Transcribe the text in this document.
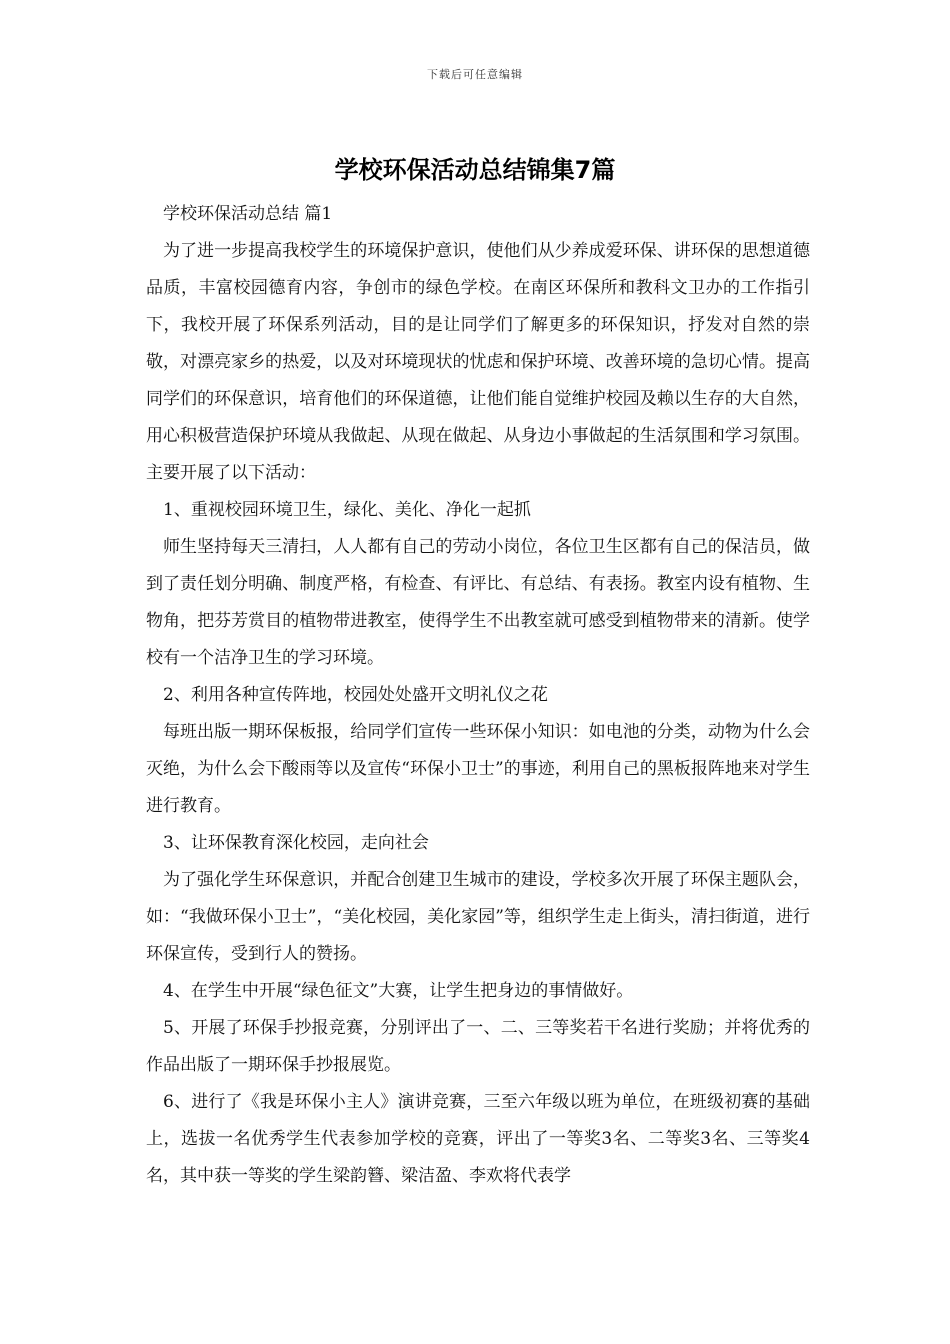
下载后可任意编辑
学校环保活动总结锦集7篇

学校环保活动总结 篇1

为了进一步提高我校学生的环境保护意识，使他们从少养成爱环保、讲环保的思想道德品质，丰富校园德育内容，争创市的绿色学校。在南区环保所和教科文卫办的工作指引下，我校开展了环保系列活动，目的是让同学们了解更多的环保知识，抒发对自然的崇敬，对漂亮家乡的热爱，以及对环境现状的忧虑和保护环境、改善环境的急切心情。提高同学们的环保意识，培育他们的环保道德，让他们能自觉维护校园及赖以生存的大自然，用心积极营造保护环境从我做起、从现在做起、从身边小事做起的生活氛围和学习氛围。主要开展了以下活动：

1、重视校园环境卫生，绿化、美化、净化一起抓

师生坚持每天三清扫，人人都有自己的劳动小岗位，各位卫生区都有自己的保洁员，做到了责任划分明确、制度严格，有检查、有评比、有总结、有表扬。教室内设有植物、生物角，把芬芳赏目的植物带进教室，使得学生不出教室就可感受到植物带来的清新。使学校有一个洁净卫生的学习环境。

2、利用各种宣传阵地，校园处处盛开文明礼仪之花

每班出版一期环保板报，给同学们宣传一些环保小知识：如电池的分类，动物为什么会灭绝，为什么会下酸雨等以及宣传“环保小卫士”的事迹，利用自己的黑板报阵地来对学生进行教育。

3、让环保教育深化校园，走向社会

为了强化学生环保意识，并配合创建卫生城市的建设，学校多次开展了环保主题队会，如：“我做环保小卫士”，“美化校园，美化家园”等，组织学生走上街头，清扫街道，进行环保宣传，受到行人的赞扬。

4、在学生中开展“绿色征文”大赛，让学生把身边的事情做好。

5、开展了环保手抄报竞赛，分别评出了一、二、三等奖若干名进行奖励；并将优秀的作品出版了一期环保手抄报展览。

6、进行了《我是环保小主人》演讲竞赛，三至六年级以班为单位，在班级初赛的基础上，选拔一名优秀学生代表参加学校的竞赛，评出了一等奖3名、二等奖3名、三等奖4名，其中获一等奖的学生梁韵簪、梁洁盈、李欢将代表学
